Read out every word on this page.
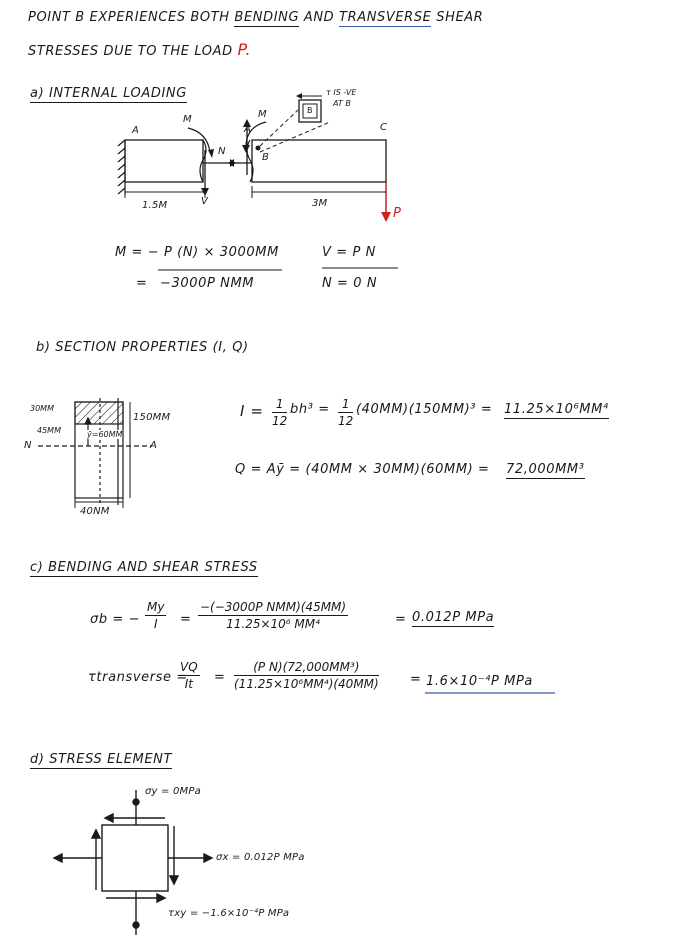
POINT B EXPERIENCES BOTH BENDING AND TRANSVERSE SHEAR
STRESSES DUE TO THE LOAD P.
a) INTERNAL LOADING
A
M
N
V
1.5M
A
M
B
B
τ IS -VE
AT B
C
3M
P
M = − P (N) × 3000MM
= −3000P NMM
V = P N
N = 0 N
b) SECTION PROPERTIES (I, Q)
30MM
45MM	ȳ=60MM
150MM
N	A
40NM
$I = \frac{1}{12} bh^3 = \frac{1}{12} (40MM)(150MM)^3 = 11.25\times 10^6MM^4$
Q = Aȳ = (40MM × 30MM)(60MM) = 72,000MM³
c) BENDING AND SHEAR STRESS
σb = − $\frac{My}{I}$ =
−(−3000P NMM)(45MM)
11.25×10⁶ MM⁴	= 0.012P MPa
τtransverse =
$\frac{VQ}{It} = \frac{\text{(P N)(72,000MM³)}}{\text{(11.25×10⁶MM⁴)(40MM)}} = 1.6\times 10^{-4}P$ MPa
d) STRESS ELEMENT
σy = 0MPa
σx = 0.012P MPa
τxy = −1.6×10⁻⁴P MPa
